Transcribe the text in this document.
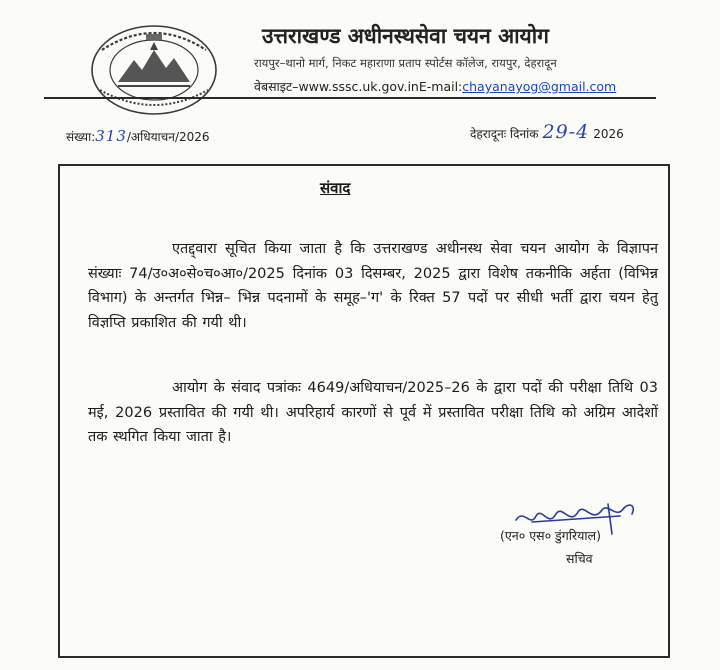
उत्तराखण्ड अधीनस्थसेवा चयन आयोग
रायपुर–थानो मार्ग, निकट महाराणा प्रताप स्पोर्टस कॉलेज, रायपुर, देहरादून
वेबसाइट–www.sssc.uk.gov.inE-mail:chayanayog@gmail.com
संख्या:313/अधियाचन/2026	देहरादूनः दिनांक 29-4 2026
संवाद
एतद्द्वारा सूचित किया जाता है कि उत्तराखण्ड अधीनस्थ सेवा चयन आयोग के विज्ञापन संख्याः 74/उ०अ०से०च०आ०/2025 दिनांक 03 दिसम्बर, 2025 द्वारा विशेष तकनीकि अर्हता (विभिन्न विभाग) के अन्तर्गत भिन्न– भिन्न पदनामों के समूह–'ग' के रिक्त 57 पदों पर सीधी भर्ती द्वारा चयन हेतु विज्ञप्ति प्रकाशित की गयी थी।
आयोग के संवाद पत्रांकः 4649/अधियाचन/2025–26 के द्वारा पदों की परीक्षा तिथि 03 मई, 2026 प्रस्तावित की गयी थी। अपरिहार्य कारणों से पूर्व में प्रस्तावित परीक्षा तिथि को अग्रिम आदेशों तक स्थगित किया जाता है।
(एन० एस० डुंगरियाल)
सचिव
